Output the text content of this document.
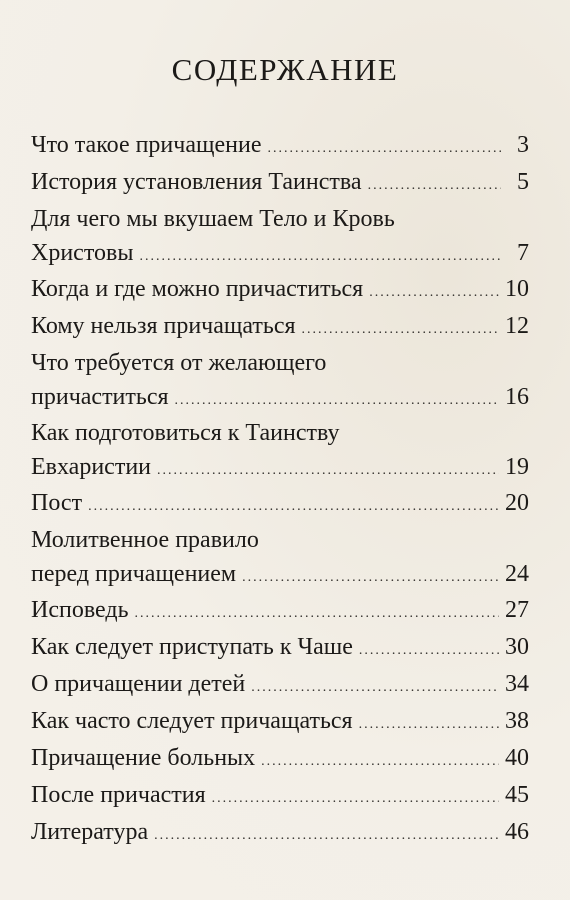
СОДЕРЖАНИЕ
Что такое причащение .....	3
История установления Таинства .....	5
Для чего мы вкушаем Тело и Кровь
Христовы .....	7
Когда и где можно причаститься .....	10
Кому нельзя причащаться .....	12
Что требуется от желающего
причаститься .....	16
Как подготовиться к Таинству
Евхаристии .....	19
Пост .....	20
Молитвенное правило
перед причащением .....	24
Исповедь .....	27
Как следует приступать к Чаше .....	30
О причащении детей .....	34
Как часто следует причащаться .....	38
Причащение больных .....	40
После причастия .....	45
Литература .....	46
